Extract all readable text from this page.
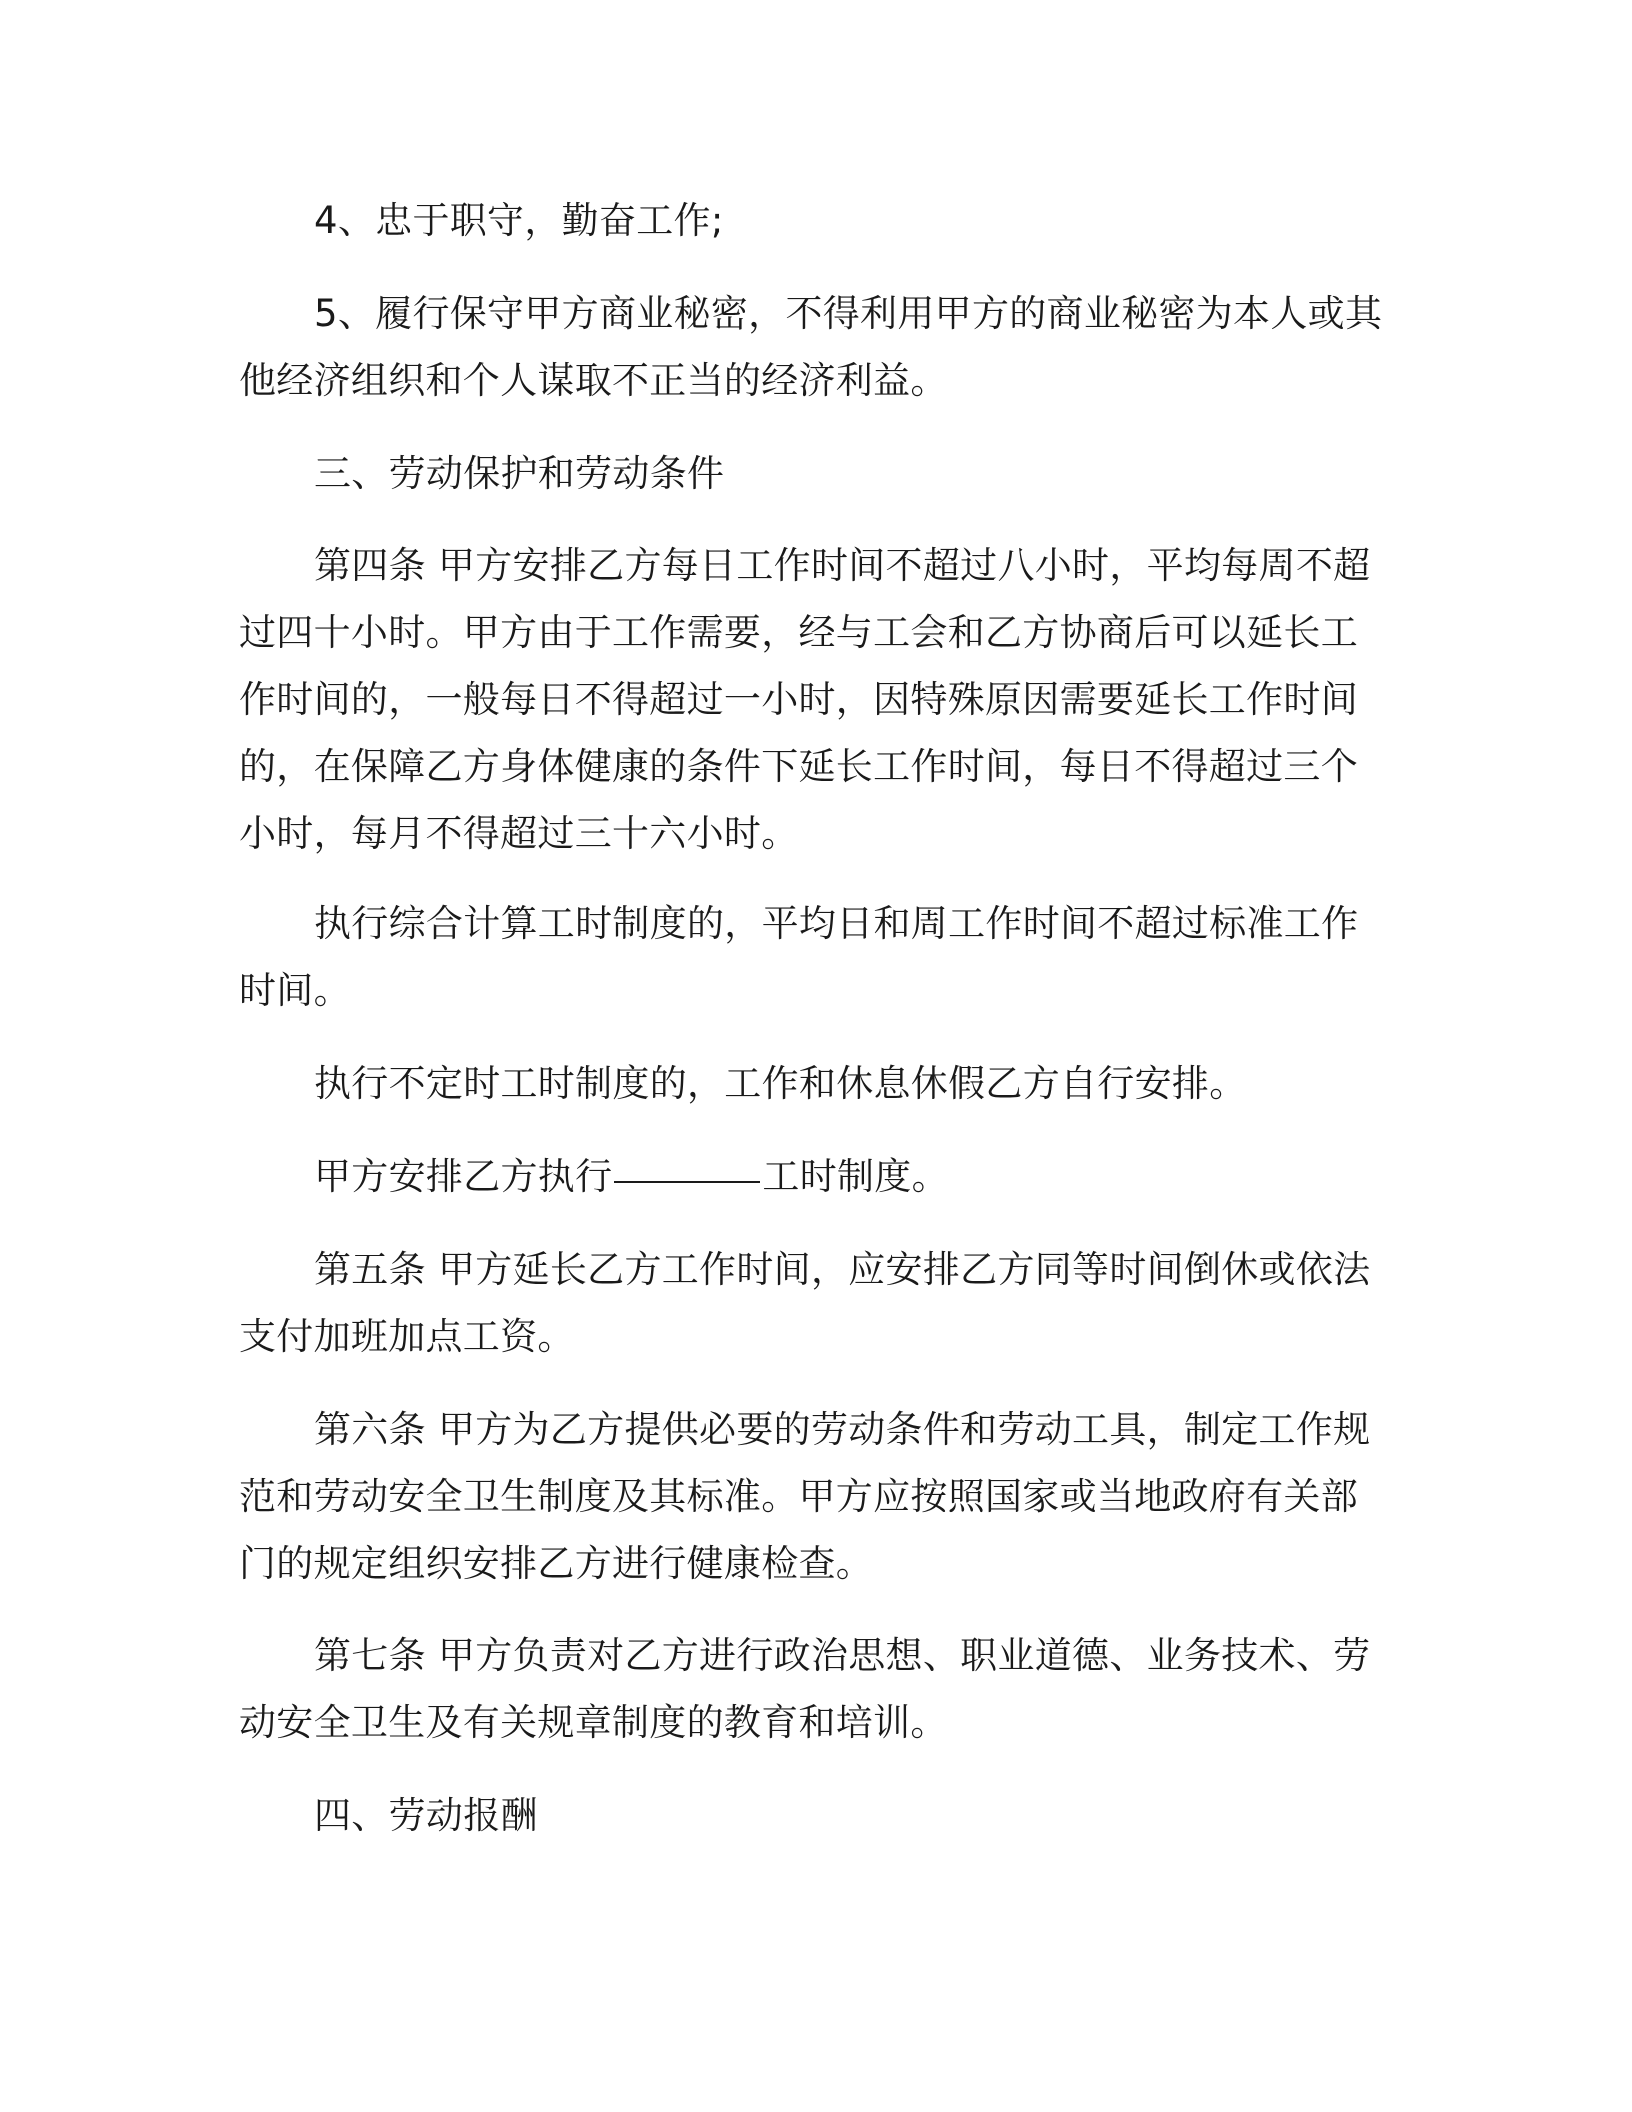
4、忠于职守，勤奋工作;

5、履行保守甲方商业秘密，不得利用甲方的商业秘密为本人或其他经济组织和个人谋取不正当的经济利益。

三、劳动保护和劳动条件

第四条 甲方安排乙方每日工作时间不超过八小时，平均每周不超过四十小时。甲方由于工作需要，经与工会和乙方协商后可以延长工作时间的，一般每日不得超过一小时，因特殊原因需要延长工作时间的，在保障乙方身体健康的条件下延长工作时间，每日不得超过三个小时，每月不得超过三十六小时。

执行综合计算工时制度的，平均日和周工作时间不超过标准工作时间。

执行不定时工时制度的，工作和休息休假乙方自行安排。

甲方安排乙方执行	工时制度。

第五条 甲方延长乙方工作时间，应安排乙方同等时间倒休或依法支付加班加点工资。

第六条 甲方为乙方提供必要的劳动条件和劳动工具，制定工作规范和劳动安全卫生制度及其标准。甲方应按照国家或当地政府有关部门的规定组织安排乙方进行健康检查。

第七条 甲方负责对乙方进行政治思想、职业道德、业务技术、劳动安全卫生及有关规章制度的教育和培训。

四、劳动报酬
